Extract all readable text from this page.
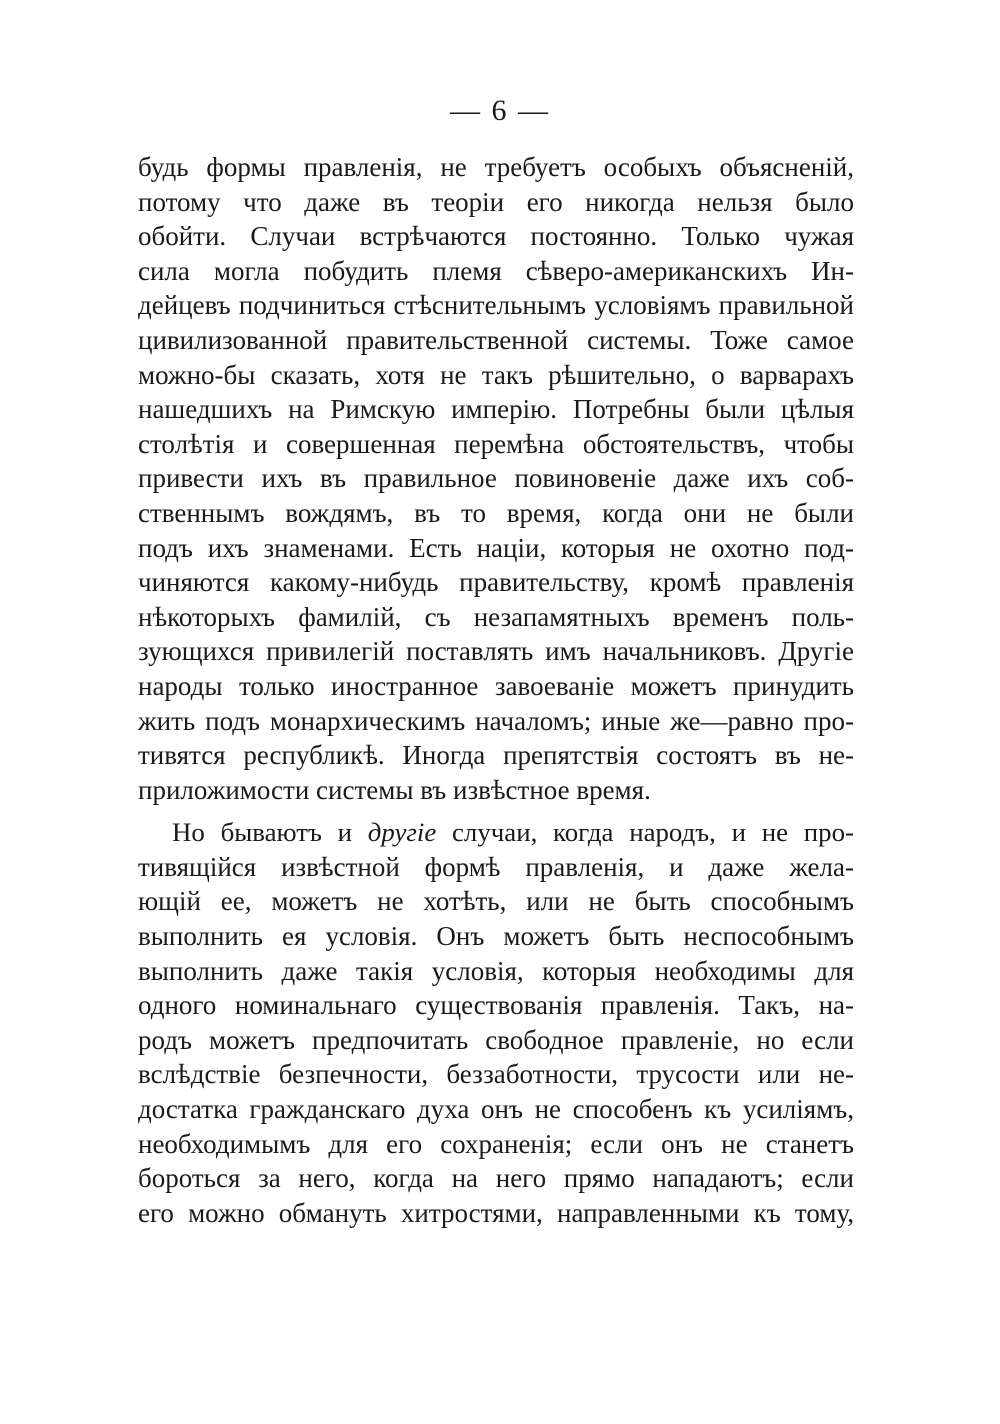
— 6 —
будь формы правленія, не требуетъ особыхъ объясненій,
потому что даже въ теоріи его никогда нельзя было
обойти. Случаи встрѣчаются постоянно. Только чужая
сила могла побудить племя сѣверо-американскихъ Ин-
дейцевъ подчиниться стѣснительнымъ условіямъ правильной
цивилизованной правительственной системы. Тоже самое
можно-бы сказать, хотя не такъ рѣшительно, о варварахъ
нашедшихъ на Римскую имперію. Потребны были цѣлыя
столѣтія и совершенная перемѣна обстоятельствъ, чтобы
привести ихъ въ правильное повиновеніе даже ихъ соб-
ственнымъ вождямъ, въ то время, когда они не были
подъ ихъ знаменами. Есть націи, которыя не охотно под-
чиняются какому-нибудь правительству, кромѣ правленія
нѣкоторыхъ фамилій, съ незапамятныхъ временъ поль-
зующихся привилегій поставлять имъ начальниковъ. Другіе
народы только иностранное завоеваніе можетъ принудить
жить подъ монархическимъ началомъ; иные же—равно про-
тивятся республикѣ. Иногда препятствія состоятъ въ не-
приложимости системы въ извѣстное время.
Но бываютъ и другіе случаи, когда народъ, и не про-
тивящійся извѣстной формѣ правленія, и даже жела-
ющій ее, можетъ не хотѣть, или не быть способнымъ
выполнить ея условія. Онъ можетъ быть неспособнымъ
выполнить даже такія условія, которыя необходимы для
одного номинальнаго существованія правленія. Такъ, на-
родъ можетъ предпочитать свободное правленіе, но если
вслѣдствіе безпечности, беззаботности, трусости или не-
достатка гражданскаго духа онъ не способенъ къ усиліямъ,
необходимымъ для его сохраненія; если онъ не станетъ
бороться за него, когда на него прямо нападаютъ; если
его можно обмануть хитростями, направленными къ тому,
